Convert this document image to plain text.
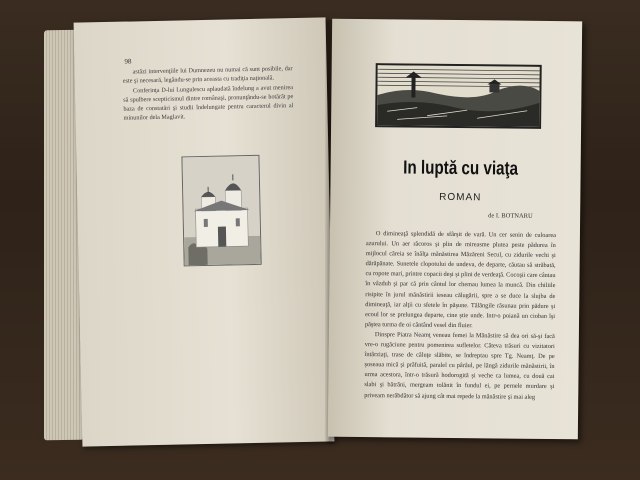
98

astăzi intervenţiile lui Dumnezeu nu numai că sunt posibile, dar este şi necesară, legându-se prin aceasta cu tradiţia naţională.

Conferinţa D-lui Lungulescu aplaudată îndelung a avut menirea să spulbere scepticismul dintre românaşi, pronunţându-se hotărât pe baza de constatări şi studii îndelungate pentru caracterul divin al minunilor dela Maglavit.

In luptă cu viaţa
ROMAN
de I. BOTNARU

O dimineaţă splendidă de sfârşit de vară. Un cer senin de culoarea azurului. Un aer răcoros şi plin de mireasme plutea peste pădurea în mijlocul căreia se înălţa mănăstirea Măzăreni Secul, cu zidurile vechi şi dărăpănate. Sunetele clopotului de undeva, de departe, căutau să străbată, cu ropote mari, printre copacii deşi şi plini de verdeaţă. Cocoşii care cântau în vâzduh şi par că prin cântul lor chemau lumea la muncă. Din chiliile risipite în jurul mănăstirii ieseau călugării, spre a se duce la slujba de dimineaţă, iar alţii cu sfetele în păşune. Tălăngile răsunau prin pădure şi ecoul lor se prelungea departe, cine ştie unde. Intr-o poiană un cioban îşi păştea turma de oi cântând vesel din fluier.

Dinspre Piatra Neamţ veneau femei la Mănăstire să dea ori să-şi facă vre-o rugăciune pentru pomenirea sufletelor. Câteva trăsuri cu vizitatori întârziaţi, trase de căluţe slăbite, se îndreptau spre Tg. Neamţ. De pe şoseaua mică şi prăfuită, paralel cu pârâul, pe lângă zidurile mănăstirii, în urma acestora, într-o trăsură hodorogită şi veche ca lumea, cu două cai slabi şi bătrâni, mergeam tolănit în fundul ei, pe pernele murdare şi priveam nerăbdător să ajung cât mai repede la mănăstire şi mai aleg
